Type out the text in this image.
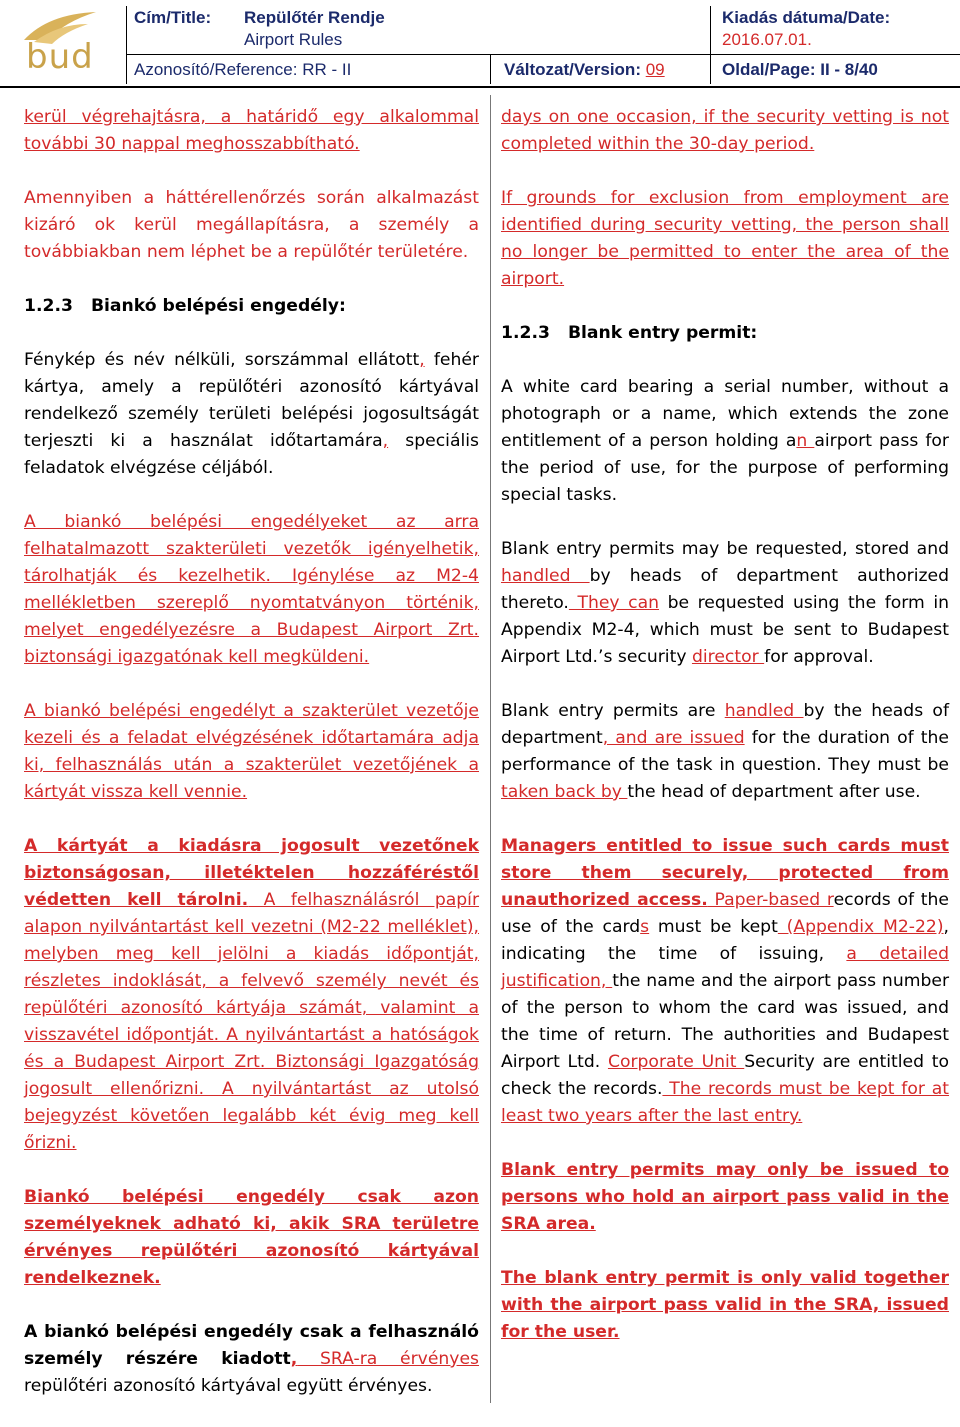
bud
Cím/Title: Repülőtér Rendje
Airport Rules
Kiadás dátuma/Date:
2016.07.01.
Azonosító/Reference: RR - II	Változat/Version: 09	Oldal/Page: II - 8/40

kerül végrehajtásra, a határidő egy alkalommal további 30 nappal meghosszabbítható.

Amennyiben a háttérellenőrzés során alkalmazást kizáró ok kerül megállapításra, a személy a továbbiakban nem léphet be a repülőtér területére.

1.2.3 Biankó belépési engedély:

Fénykép és név nélküli, sorszámmal ellátott, fehér kártya, amely a repülőtéri azonosító kártyával rendelkező személy területi belépési jogosultságát terjeszti ki a használat időtartamára, speciális feladatok elvégzése céljából.

A biankó belépési engedélyeket az arra felhatalmazott szakterületi vezetők igényelhetik, tárolhatják és kezelhetik. Igénylése az M2-4 mellékletben szereplő nyomtatványon történik, melyet engedélyezésre a Budapest Airport Zrt. biztonsági igazgatónak kell megküldeni.

A biankó belépési engedélyt a szakterület vezetője kezeli és a feladat elvégzésének időtartamára adja ki, felhasználás után a szakterület vezetőjének a kártyát vissza kell vennie.

A kártyát a kiadásra jogosult vezetőnek biztonságosan, illetéktelen hozzáféréstől védetten kell tárolni. A felhasználásról papír alapon nyilvántartást kell vezetni (M2-22 melléklet), melyben meg kell jelölni a kiadás időpontját, részletes indoklását, a felvevő személy nevét és repülőtéri azonosító kártyája számát, valamint a visszavétel időpontját. A nyilvántartást a hatóságok és a Budapest Airport Zrt. Biztonsági Igazgatóság jogosult ellenőrizni. A nyilvántartást az utolsó bejegyzést követően legalább két évig meg kell őrizni.

Biankó belépési engedély csak azon személyeknek adható ki, akik SRA területre érvényes repülőtéri azonosító kártyával rendelkeznek.

A biankó belépési engedély csak a felhasználó személy részére kiadott, SRA-ra érvényes repülőtéri azonosító kártyával együtt érvényes.

days on one occasion, if the security vetting is not completed within the 30-day period.

If grounds for exclusion from employment are identified during security vetting, the person shall no longer be permitted to enter the area of the airport.

1.2.3 Blank entry permit:

A white card bearing a serial number, without a photograph or a name, which extends the zone entitlement of a person holding an airport pass for the period of use, for the purpose of performing special tasks.

Blank entry permits may be requested, stored and handled by heads of department authorized thereto. They can be requested using the form in Appendix M2-4, which must be sent to Budapest Airport Ltd.’s security director for approval.

Blank entry permits are handled by the heads of department, and are issued for the duration of the performance of the task in question. They must be taken back by the head of department after use.

Managers entitled to issue such cards must store them securely, protected from unauthorized access. Paper-based records of the use of the cards must be kept (Appendix M2-22), indicating the time of issuing, a detailed justification, the name and the airport pass number of the person to whom the card was issued, and the time of return. The authorities and Budapest Airport Ltd. Corporate Unit Security are entitled to check the records. The records must be kept for at least two years after the last entry.

Blank entry permits may only be issued to persons who hold an airport pass valid in the SRA area.

The blank entry permit is only valid together with the airport pass valid in the SRA, issued for the user.
